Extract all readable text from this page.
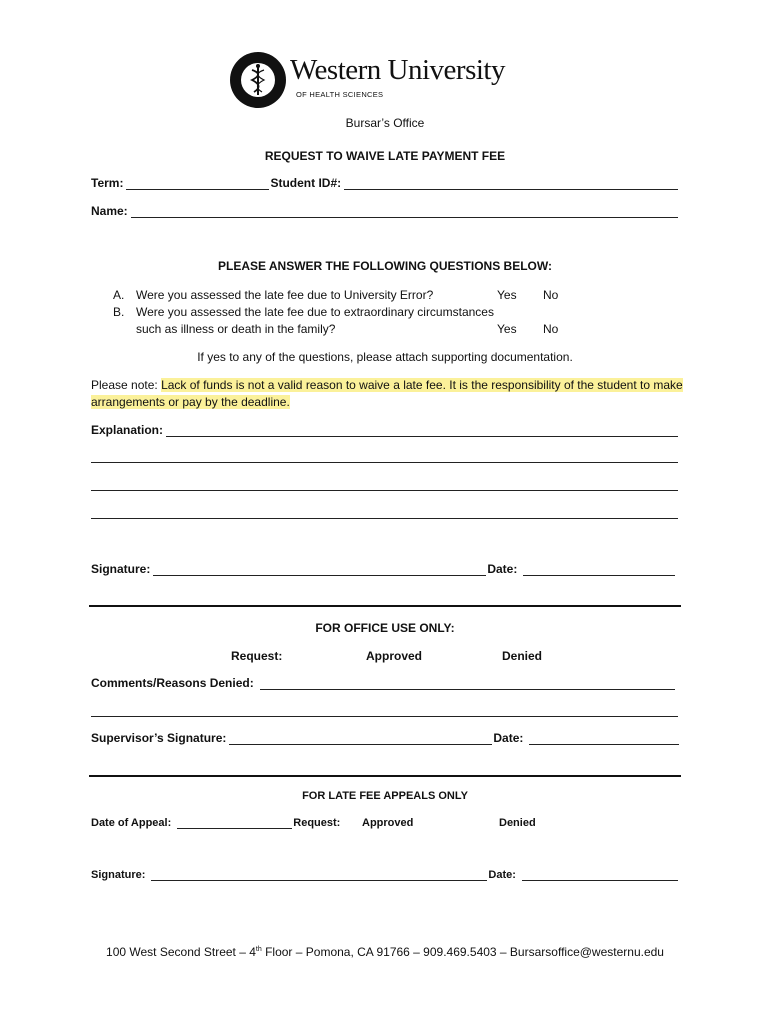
Western University
OF HEALTH SCIENCES
Bursar’s Office
REQUEST TO WAIVE LATE PAYMENT FEE
Term:	Student ID#:
Name:
PLEASE ANSWER THE FOLLOWING QUESTIONS BELOW:
A. Were you assessed the late fee due to University Error?	Yes No
B. Were you assessed the late fee due to extraordinary circumstances
such as illness or death in the family?	Yes No
If yes to any of the questions, please attach supporting documentation.
Please note: Lack of funds is not a valid reason to waive a late fee. It is the responsibility of the student to make
arrangements or pay by the deadline.
Explanation:
Signature:	Date:
FOR OFFICE USE ONLY:
Request:	Approved	Denied
Comments/Reasons Denied:
Supervisor’s Signature:	Date:
FOR LATE FEE APPEALS ONLY
Date of Appeal:	Request: Approved	Denied
Signature:	Date:
100 West Second Street – 4th Floor – Pomona, CA 91766 – 909.469.5403 – Bursarsoffice@westernu.edu
